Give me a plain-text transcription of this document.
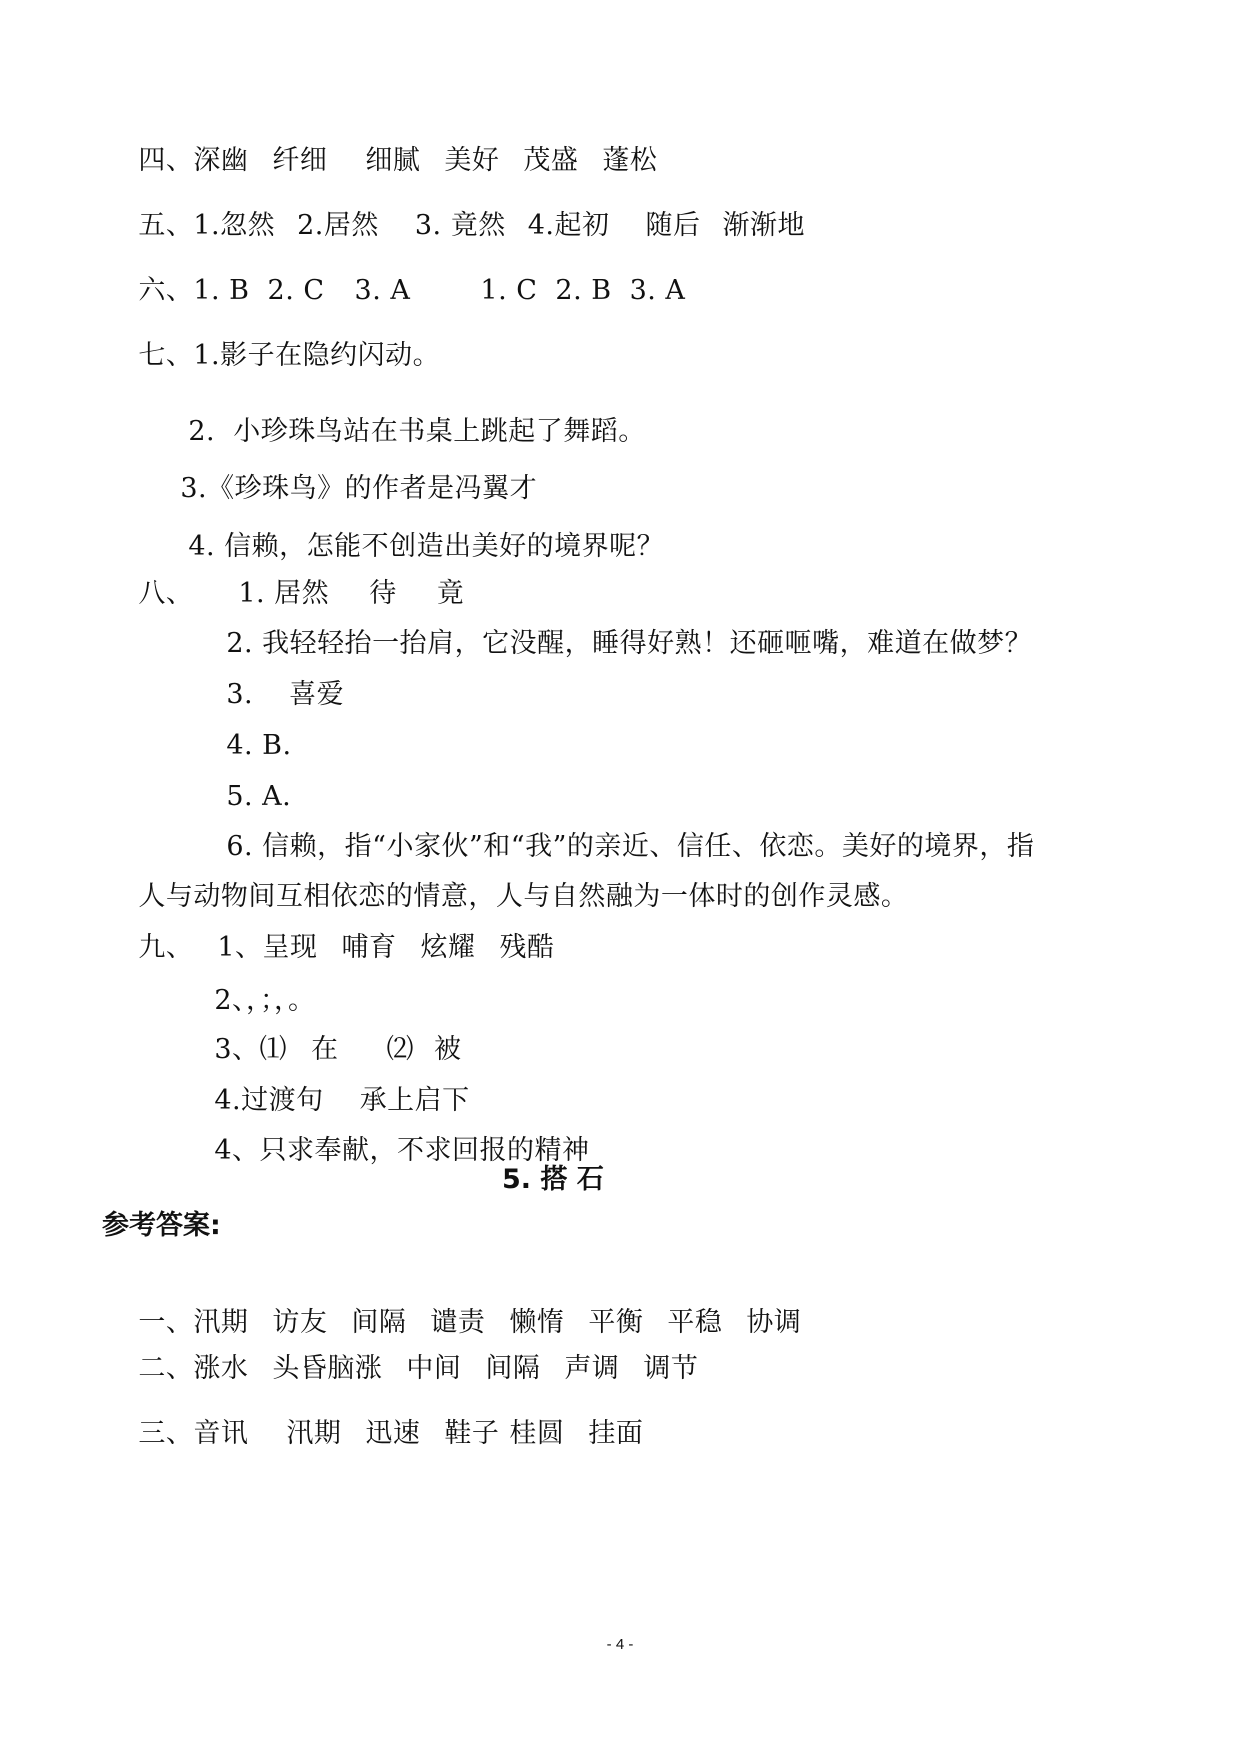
四、深幽 纤细 细腻 美好 茂盛 蓬松

五、1.忽然 2.居然 3. 竟然 4.起初 随后 渐渐地

六、1. B 2. C 3. A	1. C 2. B 3. A

七、1.影子在隐约闪动。

2.  小珍珠鸟站在书桌上跳起了舞蹈。

3.《珍珠鸟》的作者是冯翼才

4. 信赖，怎能不创造出美好的境界呢？

八、 1. 居然 待 竟

2. 我轻轻抬一抬肩，它没醒，睡得好熟！还砸咂嘴，难道在做梦？

3. 喜爱

4. B.

5. A.

6. 信赖，指“小家伙”和“我”的亲近、信任、依恋。美好的境界，指

人与动物间互相依恋的情意，人与自然融为一体时的创作灵感。

九、 1、呈现 哺育 炫耀 残酷

2、，；，。

3、⑴ 在 ⑵ 被

4.过渡句 承上启下

4、只求奉献，不求回报的精神

5. 搭 石
参考答案:

一、汛期 访友 间隔 谴责 懒惰 平衡 平稳 协调

二、涨水 头昏脑涨 中间 间隔 声调 调节

三、音讯 汛期 迅速 鞋子 桂圆 挂面

- 4 -
